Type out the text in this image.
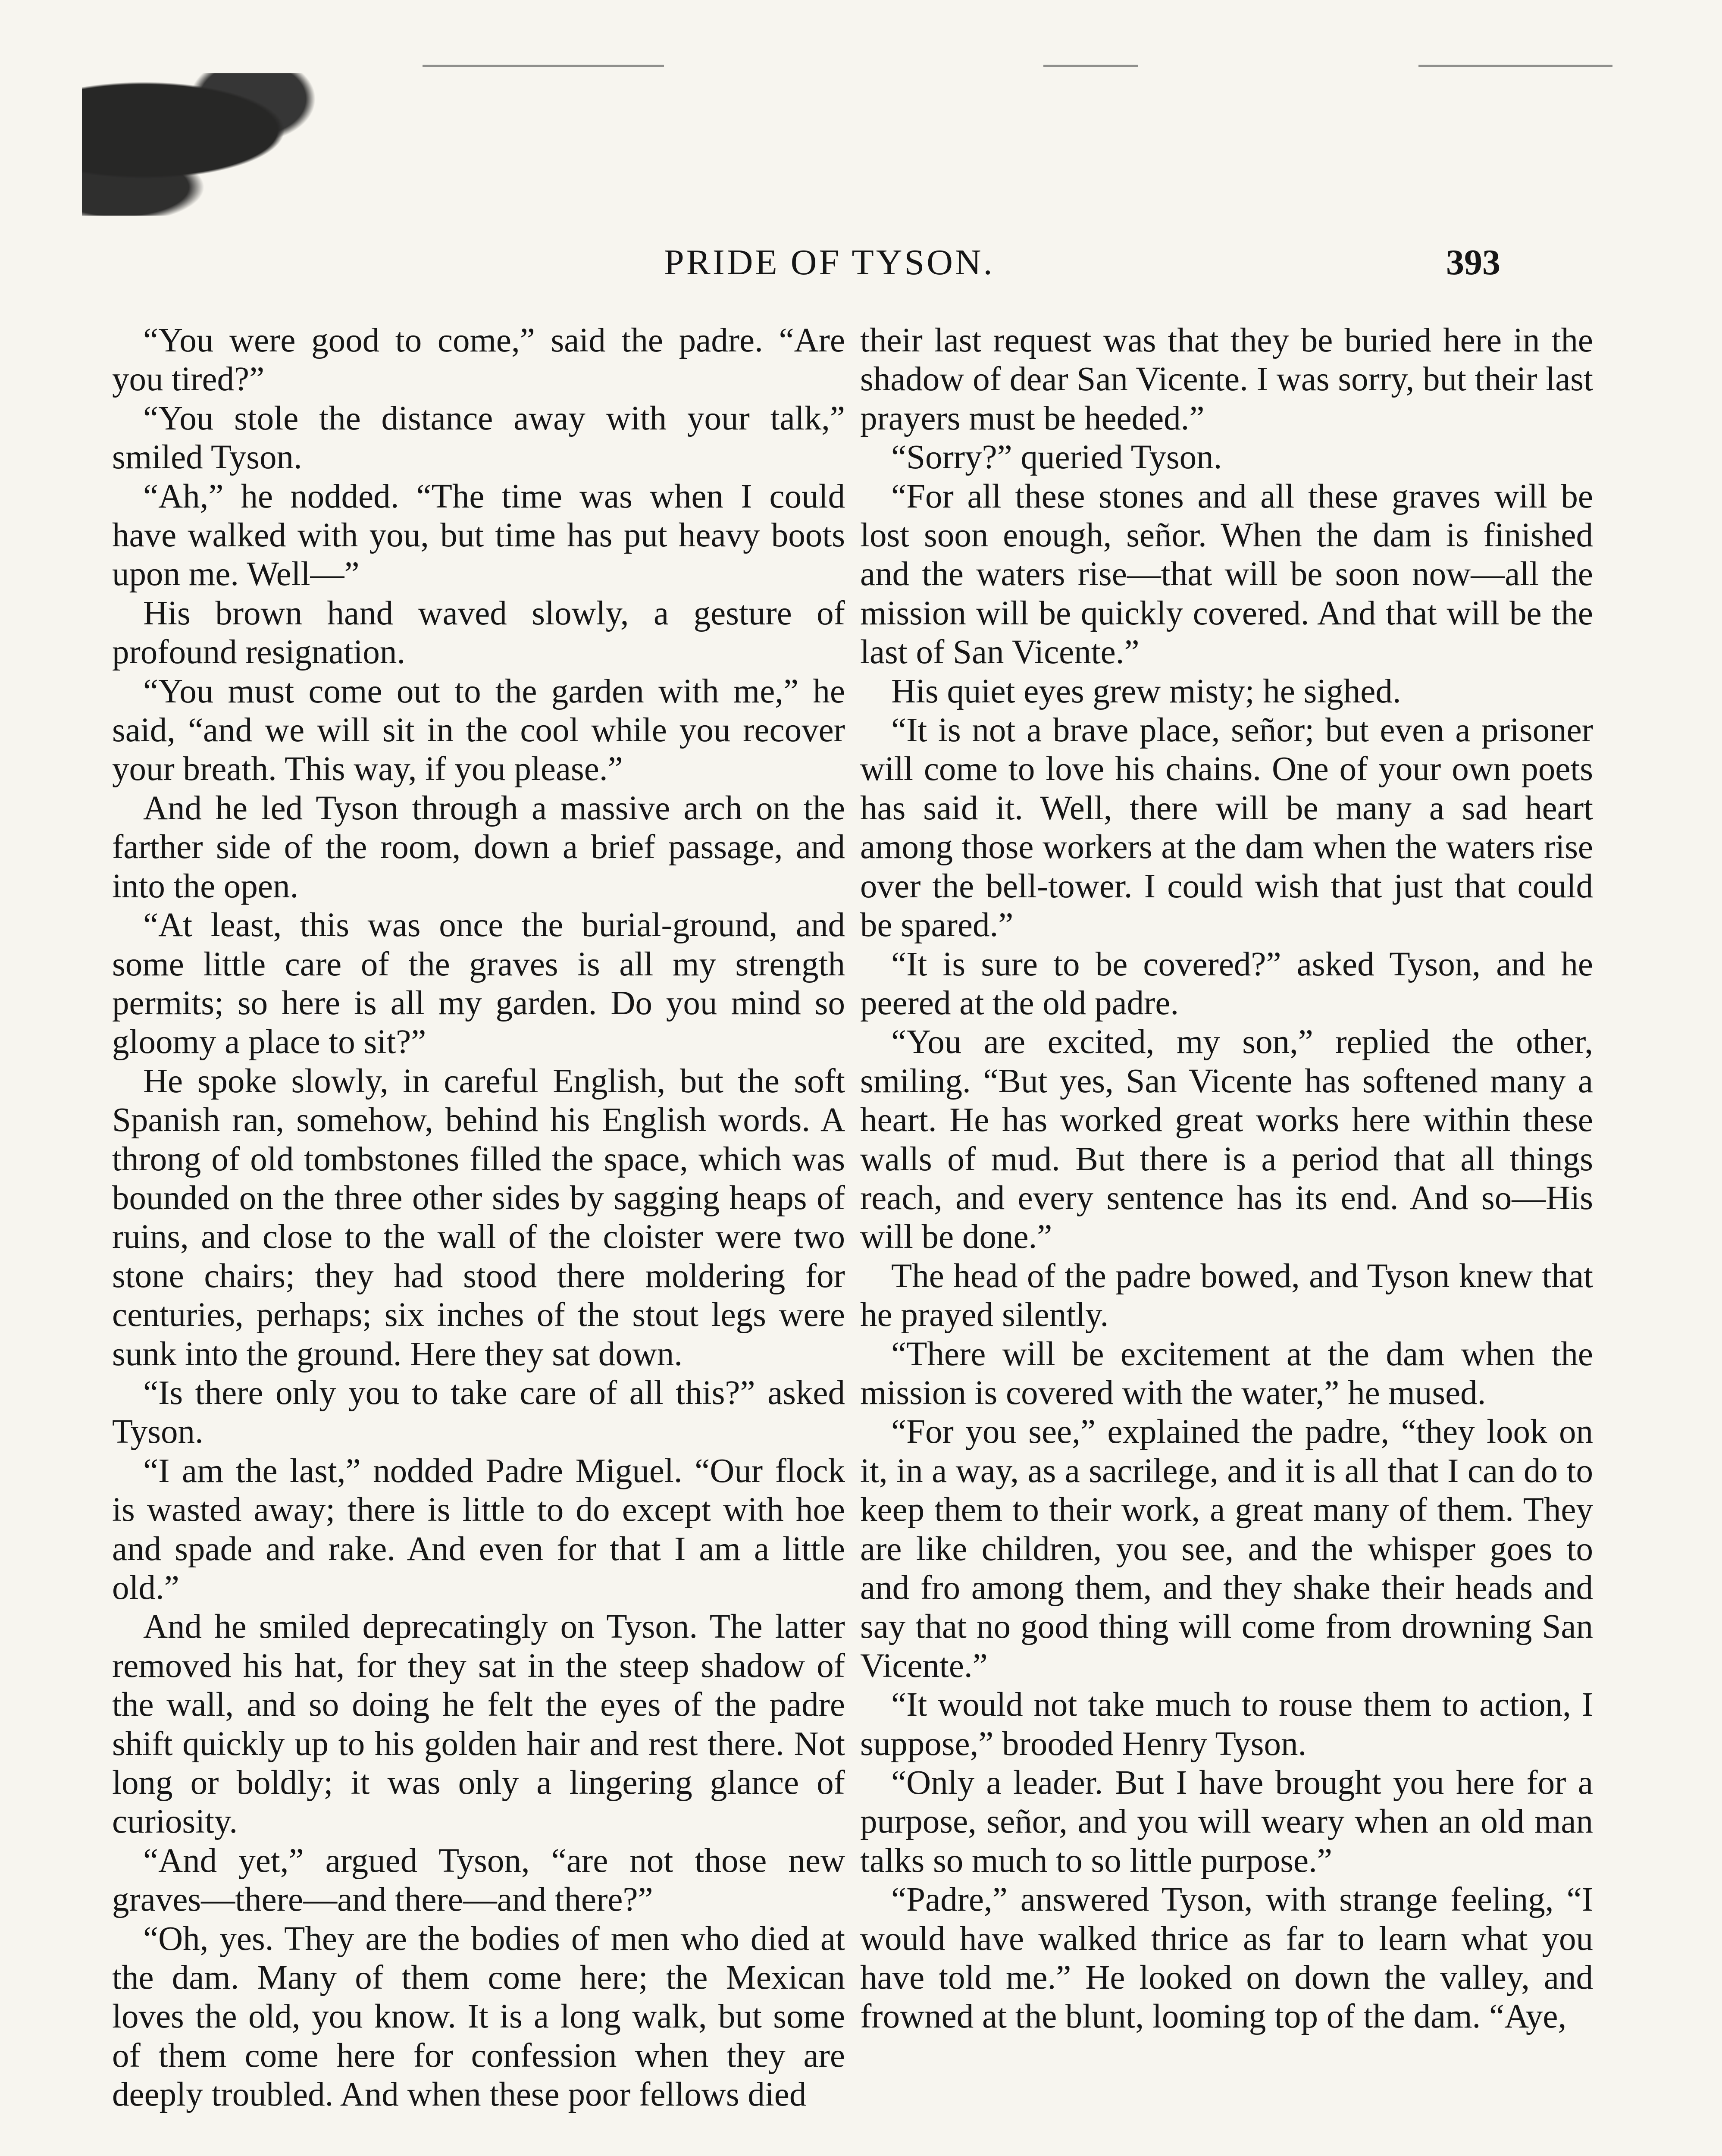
PRIDE OF TYSON.	393

“You were good to come,” said the padre. “Are you tired?”

“You stole the distance away with your talk,” smiled Tyson.

“Ah,” he nodded. “The time was when I could have walked with you, but time has put heavy boots upon me. Well—”

His brown hand waved slowly, a gesture of profound resignation.

“You must come out to the garden with me,” he said, “and we will sit in the cool while you recover your breath. This way, if you please.”

And he led Tyson through a massive arch on the farther side of the room, down a brief passage, and into the open.

“At least, this was once the burial-ground, and some little care of the graves is all my strength permits; so here is all my garden. Do you mind so gloomy a place to sit?”

He spoke slowly, in careful English, but the soft Spanish ran, somehow, behind his English words. A throng of old tombstones filled the space, which was bounded on the three other sides by sagging heaps of ruins, and close to the wall of the cloister were two stone chairs; they had stood there moldering for centuries, perhaps; six inches of the stout legs were sunk into the ground. Here they sat down.

“Is there only you to take care of all this?” asked Tyson.

“I am the last,” nodded Padre Miguel. “Our flock is wasted away; there is little to do except with hoe and spade and rake. And even for that I am a little old.”

And he smiled deprecatingly on Tyson. The latter removed his hat, for they sat in the steep shadow of the wall, and so doing he felt the eyes of the padre shift quickly up to his golden hair and rest there. Not long or boldly; it was only a lingering glance of curiosity.

“And yet,” argued Tyson, “are not those new graves—there—and there—and there?”

“Oh, yes. They are the bodies of men who died at the dam. Many of them come here; the Mexican loves the old, you know. It is a long walk, but some of them come here for confession when they are deeply troubled. And when these poor fellows died

their last request was that they be buried here in the shadow of dear San Vicente. I was sorry, but their last prayers must be heeded.”

“Sorry?” queried Tyson.

“For all these stones and all these graves will be lost soon enough, señor. When the dam is finished and the waters rise—that will be soon now—all the mission will be quickly covered. And that will be the last of San Vicente.”

His quiet eyes grew misty; he sighed.

“It is not a brave place, señor; but even a prisoner will come to love his chains. One of your own poets has said it. Well, there will be many a sad heart among those workers at the dam when the waters rise over the bell-tower. I could wish that just that could be spared.”

“It is sure to be covered?” asked Tyson, and he peered at the old padre.

“You are excited, my son,” replied the other, smiling. “But yes, San Vicente has softened many a heart. He has worked great works here within these walls of mud. But there is a period that all things reach, and every sentence has its end. And so—His will be done.”

The head of the padre bowed, and Tyson knew that he prayed silently.

“There will be excitement at the dam when the mission is covered with the water,” he mused.

“For you see,” explained the padre, “they look on it, in a way, as a sacrilege, and it is all that I can do to keep them to their work, a great many of them. They are like children, you see, and the whisper goes to and fro among them, and they shake their heads and say that no good thing will come from drowning San Vicente.”

“It would not take much to rouse them to action, I suppose,” brooded Henry Tyson.

“Only a leader. But I have brought you here for a purpose, señor, and you will weary when an old man talks so much to so little purpose.”

“Padre,” answered Tyson, with strange feeling, “I would have walked thrice as far to learn what you have told me.” He looked on down the valley, and frowned at the blunt, looming top of the dam. “Aye,
